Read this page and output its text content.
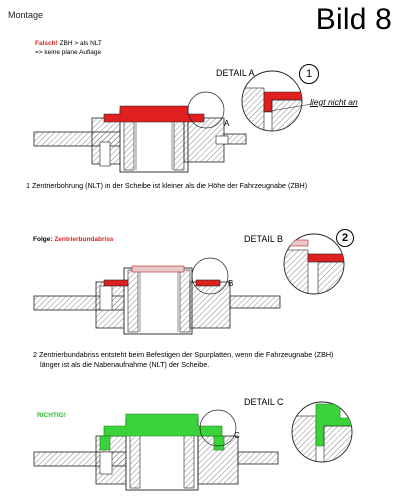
Montage	Bild 8
A
B
C
Falsch! ZBH > als NLT
=> keine plane Auflage
DETAIL A	1
liegt nicht an
1 Zentrierbohrung (NLT) in der Scheibe ist kleiner als die Höhe der Fahrzeugnabe (ZBH)
Folge: Zentrierbundabriss	DETAIL B	2
2 Zentrierbundabriss entsteht beim Befestigen der Spurplatten, wenn die Fahrzeugnabe (ZBH)
länger ist als die Nabenaufnahme (NLT) der Scheibe.
RICHTIG!
DETAIL C
